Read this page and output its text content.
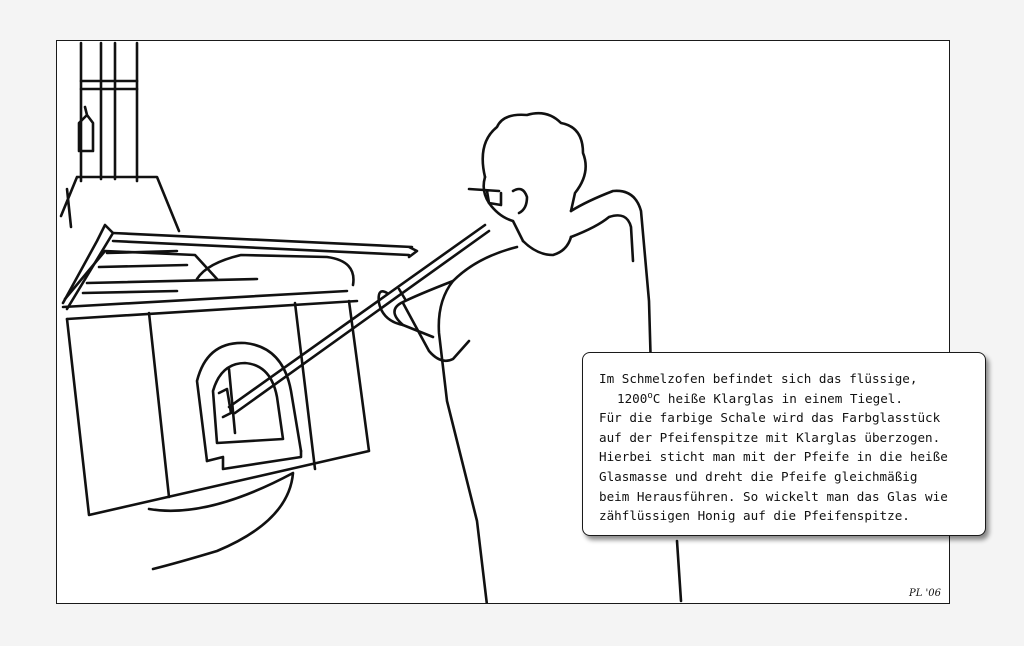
PL '06
Im Schmelzofen befindet sich das flüssige,
1200$^o$C heiße Klarglas in einem Tiegel.
Für die farbige Schale wird das Farbglasstück
auf der Pfeifenspitze mit Klarglas überzogen.
Hierbei sticht man mit der Pfeife in die heiße
Glasmasse und dreht die Pfeife gleichmäßig
beim Herausführen. So wickelt man das Glas wie
zähflüssigen Honig auf die Pfeifenspitze.
